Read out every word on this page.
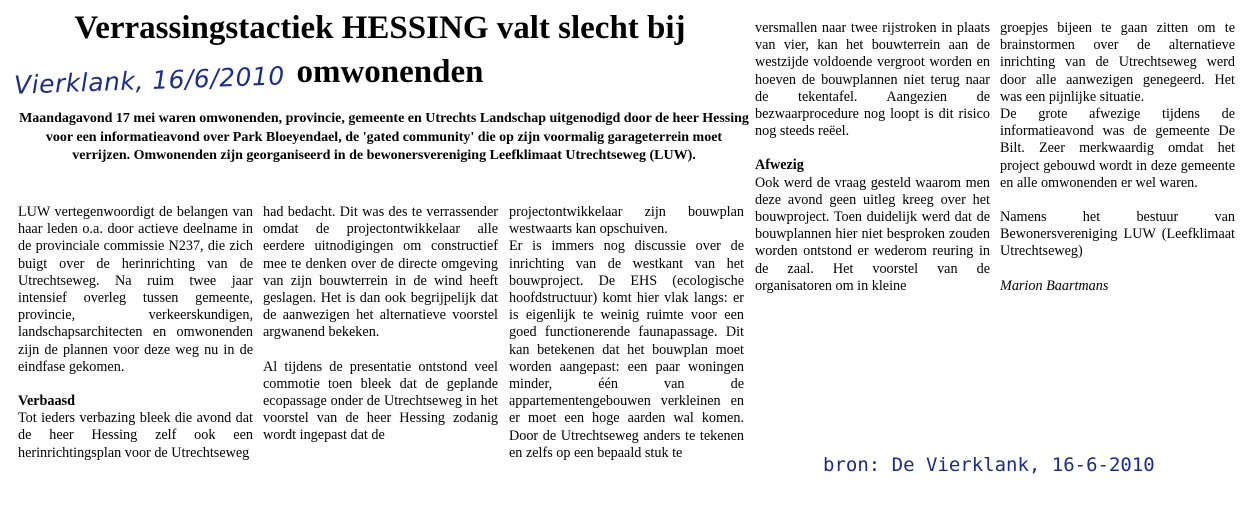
Verrassingstactiek HESSING valt slecht bij
omwonenden
Vierklank, 16/6/2010
Maandagavond 17 mei waren omwonenden, provincie, gemeente en Utrechts Landschap uitgenodigd door de heer Hessing voor een informatieavond over Park Bloeyendael, de 'gated community' die op zijn voormalig garageterrein moet verrijzen. Omwonenden zijn georganiseerd in de bewonersvereniging Leefklimaat Utrechtseweg (LUW).

LUW vertegenwoordigt de belangen van haar leden o.a. door actieve deelname in de provinciale commissie N237, die zich buigt over de herinrichting van de Utrechtseweg. Na ruim twee jaar intensief overleg tussen gemeente, provincie, verkeerskundigen, landschapsarchitecten en omwonenden zijn de plannen voor deze weg nu in de eindfase gekomen.

Verbaasd

Tot ieders verbazing bleek die avond dat de heer Hessing zelf ook een herinrichtingsplan voor de Utrechtseweg

had bedacht. Dit was des te verrassender omdat de projectontwikkelaar alle eerdere uitnodigingen om constructief mee te denken over de directe omgeving van zijn bouwterrein in de wind heeft geslagen. Het is dan ook begrijpelijk dat de aanwezigen het alternatieve voorstel argwanend bekeken.

Al tijdens de presentatie ontstond veel commotie toen bleek dat de geplande ecopassage onder de Utrechtseweg in het voorstel van de heer Hessing zodanig wordt ingepast dat de

projectontwikkelaar zijn bouwplan westwaarts kan opschuiven.

Er is immers nog discussie over de inrichting van de westkant van het bouwproject. De EHS (ecologische hoofdstructuur) komt hier vlak langs: er is eigenlijk te weinig ruimte voor een goed functionerende faunapassage. Dit kan betekenen dat het bouwplan moet worden aangepast: een paar woningen minder, één van de appartementengebouwen verkleinen en er moet een hoge aarden wal komen. Door de Utrechtseweg anders te tekenen en zelfs op een bepaald stuk te

versmallen naar twee rijstroken in plaats van vier, kan het bouwterrein aan de westzijde voldoende vergroot worden en hoeven de bouwplannen niet terug naar de tekentafel. Aangezien de bezwaarprocedure nog loopt is dit risico nog steeds reëel.

Afwezig

Ook werd de vraag gesteld waarom men deze avond geen uitleg kreeg over het bouwproject. Toen duidelijk werd dat de bouwplannen hier niet besproken zouden worden ontstond er wederom reuring in de zaal. Het voorstel van de organisatoren om in kleine

groepjes bijeen te gaan zitten om te brainstormen over de alternatieve inrichting van de Utrechtseweg werd door alle aanwezigen genegeerd. Het was een pijnlijke situatie.

De grote afwezige tijdens de informatieavond was de gemeente De Bilt. Zeer merkwaardig omdat het project gebouwd wordt in deze gemeente en alle omwonenden er wel waren.

Namens het bestuur van Bewonersvereniging LUW (Leefklimaat Utrechtseweg)

Marion Baartmans

bron: De Vierklank, 16-6-2010
